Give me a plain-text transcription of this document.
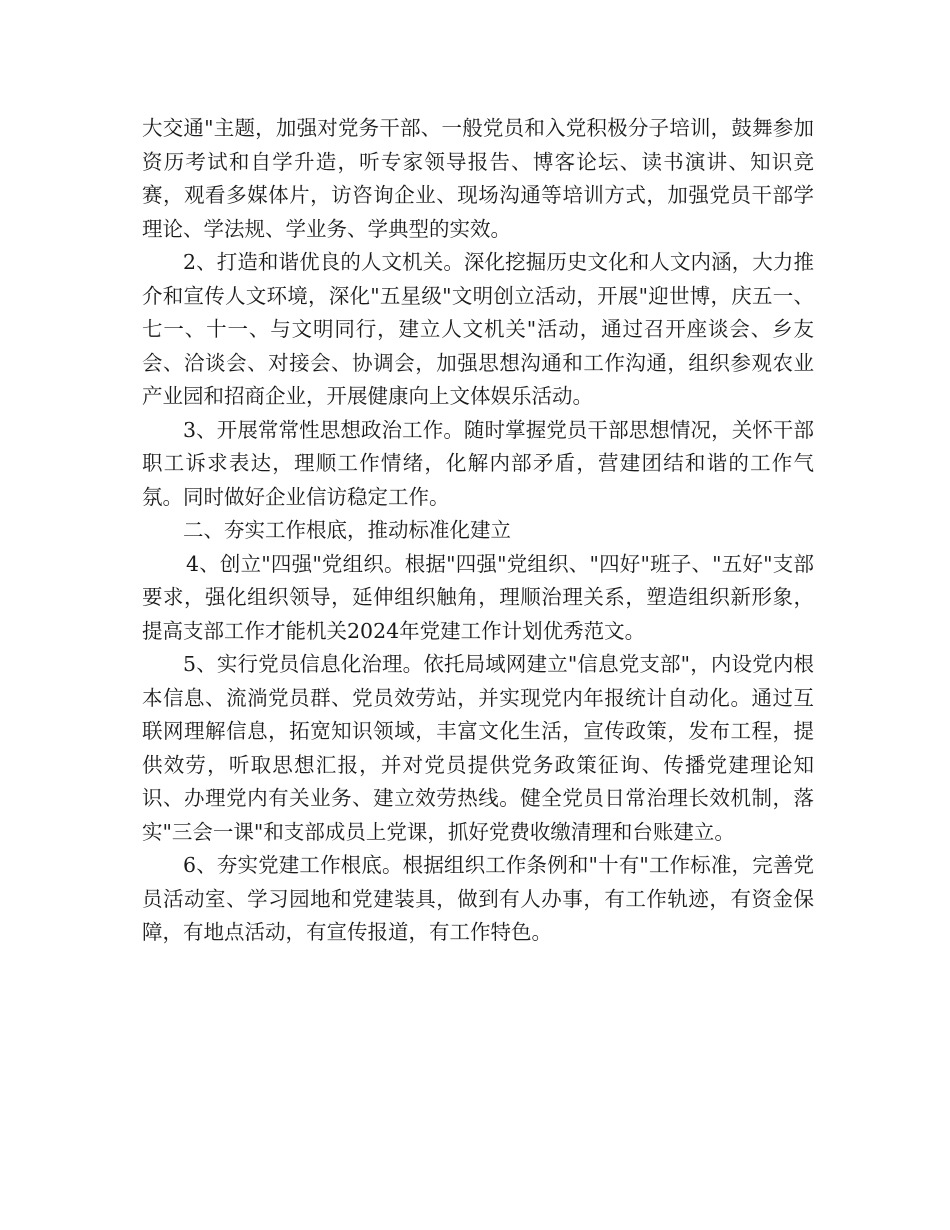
大交通"主题，加强对党务干部、一般党员和入党积极分子培训，鼓舞参加资历考试和自学升造，听专家领导报告、博客论坛、读书演讲、知识竞赛，观看多媒体片，访咨询企业、现场沟通等培训方式，加强党员干部学理论、学法规、学业务、学典型的实效。

2、打造和谐优良的人文机关。深化挖掘历史文化和人文内涵，大力推介和宣传人文环境，深化"五星级"文明创立活动，开展"迎世博，庆五一、七一、十一、与文明同行，建立人文机关"活动，通过召开座谈会、乡友会、洽谈会、对接会、协调会，加强思想沟通和工作沟通，组织参观农业产业园和招商企业，开展健康向上文体娱乐活动。

3、开展常常性思想政治工作。随时掌握党员干部思想情况，关怀干部职工诉求表达，理顺工作情绪，化解内部矛盾，营建团结和谐的工作气氛。同时做好企业信访稳定工作。

二、夯实工作根底，推动标准化建立

4、创立"四强"党组织。根据"四强"党组织、"四好"班子、"五好"支部要求，强化组织领导，延伸组织触角，理顺治理关系，塑造组织新形象，提高支部工作才能机关2024年党建工作计划优秀范文。

5、实行党员信息化治理。依托局域网建立"信息党支部"，内设党内根本信息、流淌党员群、党员效劳站，并实现党内年报统计自动化。通过互联网理解信息，拓宽知识领域，丰富文化生活，宣传政策，发布工程，提供效劳，听取思想汇报，并对党员提供党务政策征询、传播党建理论知识、办理党内有关业务、建立效劳热线。健全党员日常治理长效机制，落实"三会一课"和支部成员上党课，抓好党费收缴清理和台账建立。

6、夯实党建工作根底。根据组织工作条例和"十有"工作标准，完善党员活动室、学习园地和党建装具，做到有人办事，有工作轨迹，有资金保障，有地点活动，有宣传报道，有工作特色。
